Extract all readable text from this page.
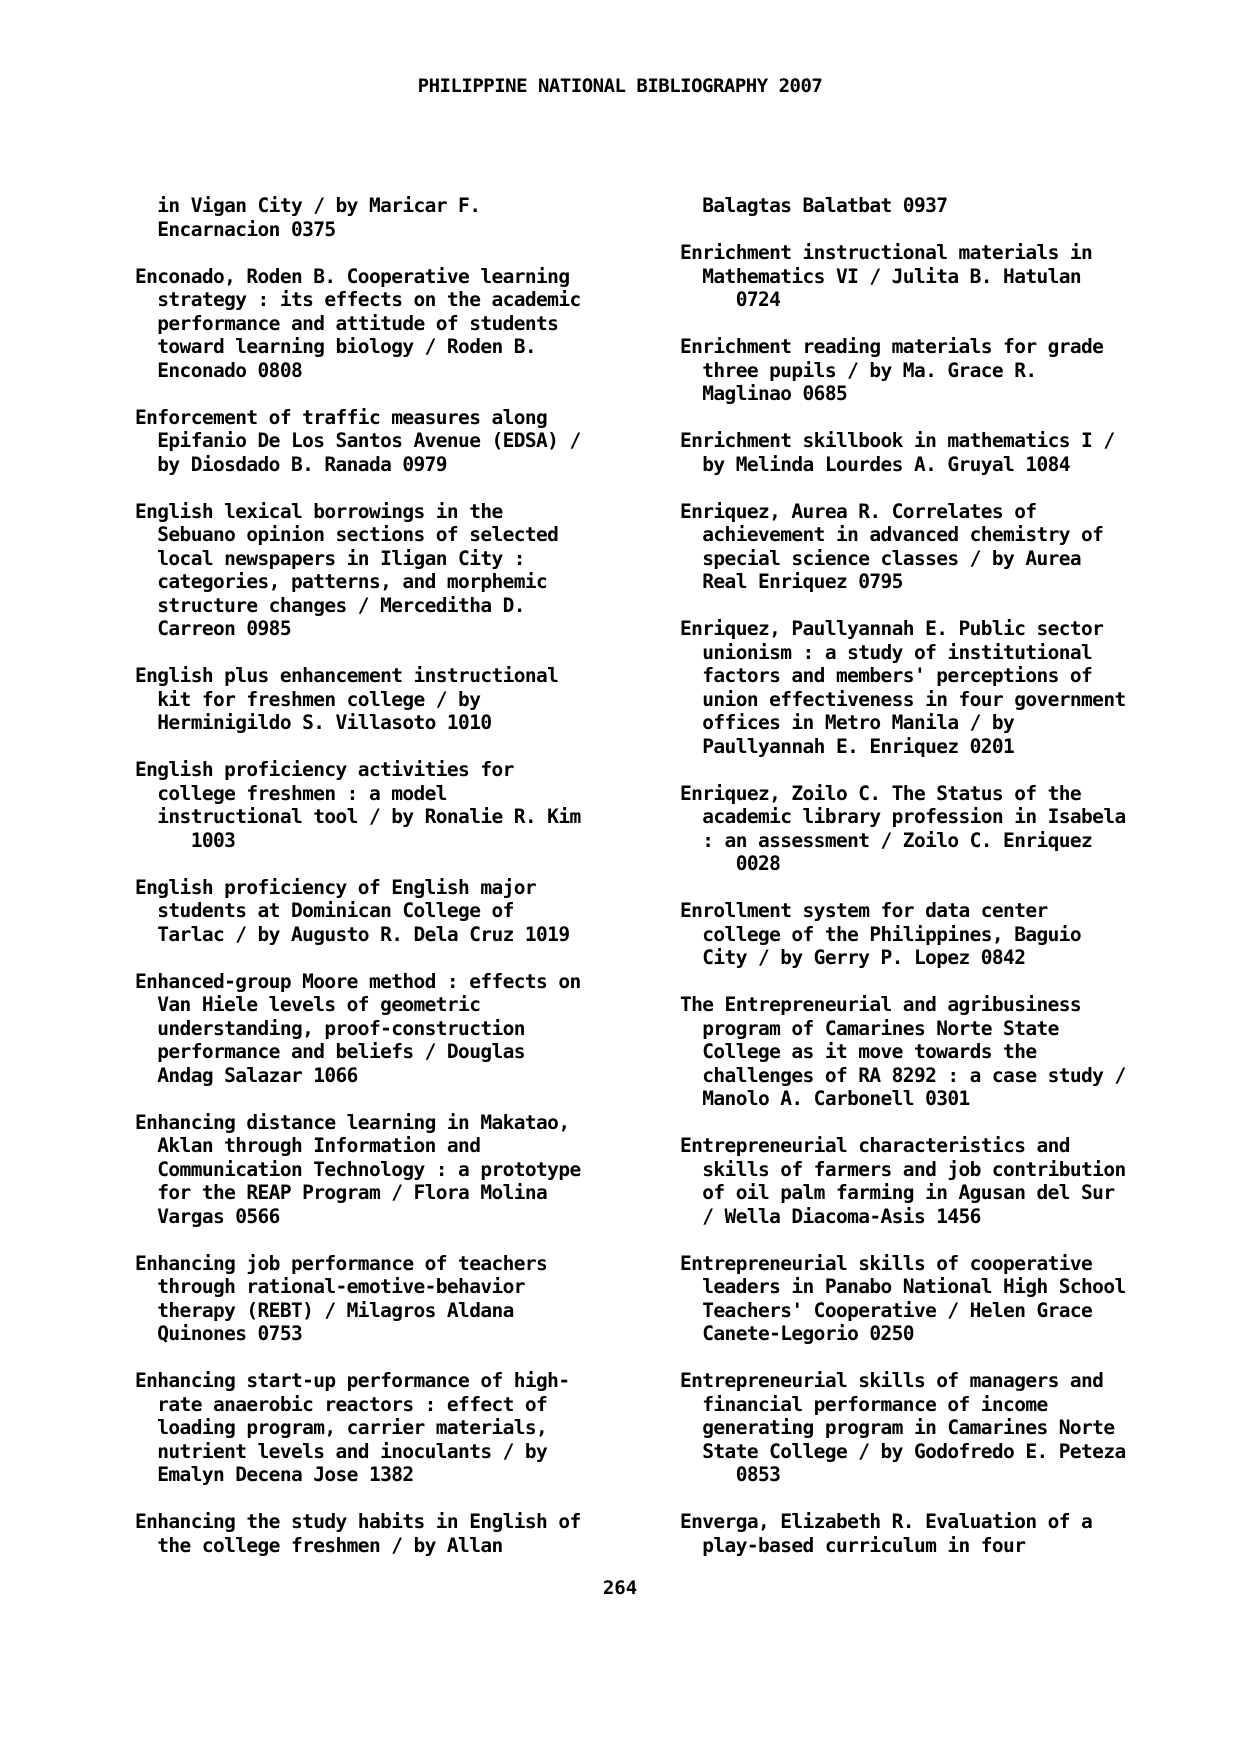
PHILIPPINE NATIONAL BIBLIOGRAPHY 2007
in Vigan City / by Maricar F.
Encarnacion 0375
Enconado, Roden B. Cooperative learning
strategy : its effects on the academic
performance and attitude of students
toward learning biology / Roden B.
Enconado 0808
Enforcement of traffic measures along
Epifanio De Los Santos Avenue (EDSA) /
by Diosdado B. Ranada 0979
English lexical borrowings in the
Sebuano opinion sections of selected
local newspapers in Iligan City :
categories, patterns, and morphemic
structure changes / Merceditha D.
Carreon 0985
English plus enhancement instructional
kit for freshmen college / by
Herminigildo S. Villasoto 1010
English proficiency activities for
college freshmen : a model
instructional tool / by Ronalie R. Kim
1003
English proficiency of English major
students at Dominican College of
Tarlac / by Augusto R. Dela Cruz 1019
Enhanced-group Moore method : effects on
Van Hiele levels of geometric
understanding, proof-construction
performance and beliefs / Douglas
Andag Salazar 1066
Enhancing distance learning in Makatao,
Aklan through Information and
Communication Technology : a prototype
for the REAP Program / Flora Molina
Vargas 0566
Enhancing job performance of teachers
through rational-emotive-behavior
therapy (REBT) / Milagros Aldana
Quinones 0753
Enhancing start-up performance of high-
rate anaerobic reactors : effect of
loading program, carrier materials,
nutrient levels and inoculants / by
Emalyn Decena Jose 1382
Enhancing the study habits in English of
the college freshmen / by Allan
Balagtas Balatbat 0937
Enrichment instructional materials in
Mathematics VI / Julita B. Hatulan
0724
Enrichment reading materials for grade
three pupils / by Ma. Grace R.
Maglinao 0685
Enrichment skillbook in mathematics I /
by Melinda Lourdes A. Gruyal 1084
Enriquez, Aurea R. Correlates of
achievement in advanced chemistry of
special science classes / by Aurea
Real Enriquez 0795
Enriquez, Paullyannah E. Public sector
unionism : a study of institutional
factors and members' perceptions of
union effectiveness in four government
offices in Metro Manila / by
Paullyannah E. Enriquez 0201
Enriquez, Zoilo C. The Status of the
academic library profession in Isabela
: an assessment / Zoilo C. Enriquez
0028
Enrollment system for data center
college of the Philippines, Baguio
City / by Gerry P. Lopez 0842
The Entrepreneurial and agribusiness
program of Camarines Norte State
College as it move towards the
challenges of RA 8292 : a case study /
Manolo A. Carbonell 0301
Entrepreneurial characteristics and
skills of farmers and job contribution
of oil palm farming in Agusan del Sur
/ Wella Diacoma-Asis 1456
Entrepreneurial skills of cooperative
leaders in Panabo National High School
Teachers' Cooperative / Helen Grace
Canete-Legorio 0250
Entrepreneurial skills of managers and
financial performance of income
generating program in Camarines Norte
State College / by Godofredo E. Peteza
0853
Enverga, Elizabeth R. Evaluation of a
play-based curriculum in four
264
